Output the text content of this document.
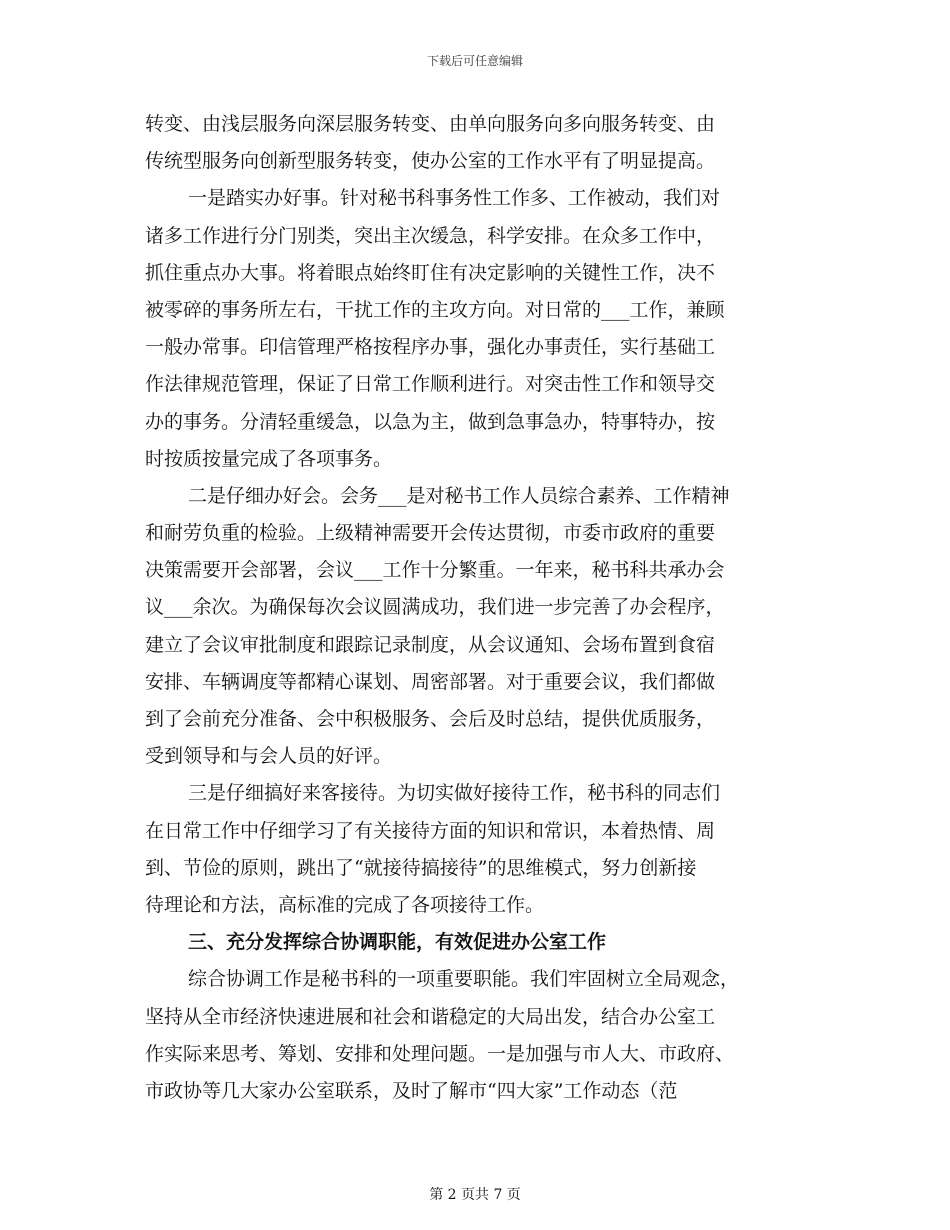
下载后可任意编辑
转变、由浅层服务向深层服务转变、由单向服务向多向服务转变、由
传统型服务向创新型服务转变，使办公室的工作水平有了明显提高。
一是踏实办好事。针对秘书科事务性工作多、工作被动，我们对
诸多工作进行分门别类，突出主次缓急，科学安排。在众多工作中，
抓住重点办大事。将着眼点始终盯住有决定影响的关键性工作，决不
被零碎的事务所左右，干扰工作的主攻方向。对日常的___工作，兼顾
一般办常事。印信管理严格按程序办事，强化办事责任，实行基础工
作法律规范管理，保证了日常工作顺利进行。对突击性工作和领导交
办的事务。分清轻重缓急，以急为主，做到急事急办，特事特办，按
时按质按量完成了各项事务。
二是仔细办好会。会务___是对秘书工作人员综合素养、工作精神
和耐劳负重的检验。上级精神需要开会传达贯彻，市委市政府的重要
决策需要开会部署，会议___工作十分繁重。一年来，秘书科共承办会
议___余次。为确保每次会议圆满成功，我们进一步完善了办会程序，
建立了会议审批制度和跟踪记录制度，从会议通知、会场布置到食宿
安排、车辆调度等都精心谋划、周密部署。对于重要会议，我们都做
到了会前充分准备、会中积极服务、会后及时总结，提供优质服务，
受到领导和与会人员的好评。
三是仔细搞好来客接待。为切实做好接待工作，秘书科的同志们
在日常工作中仔细学习了有关接待方面的知识和常识，本着热情、周
到、节俭的原则，跳出了“就接待搞接待”的思维模式，努力创新接
待理论和方法，高标准的完成了各项接待工作。
三、充分发挥综合协调职能，有效促进办公室工作
综合协调工作是秘书科的一项重要职能。我们牢固树立全局观念，
坚持从全市经济快速进展和社会和谐稳定的大局出发，结合办公室工
作实际来思考、筹划、安排和处理问题。一是加强与市人大、市政府、
市政协等几大家办公室联系，及时了解市“四大家”工作动态（范
第 2 页共 7 页
